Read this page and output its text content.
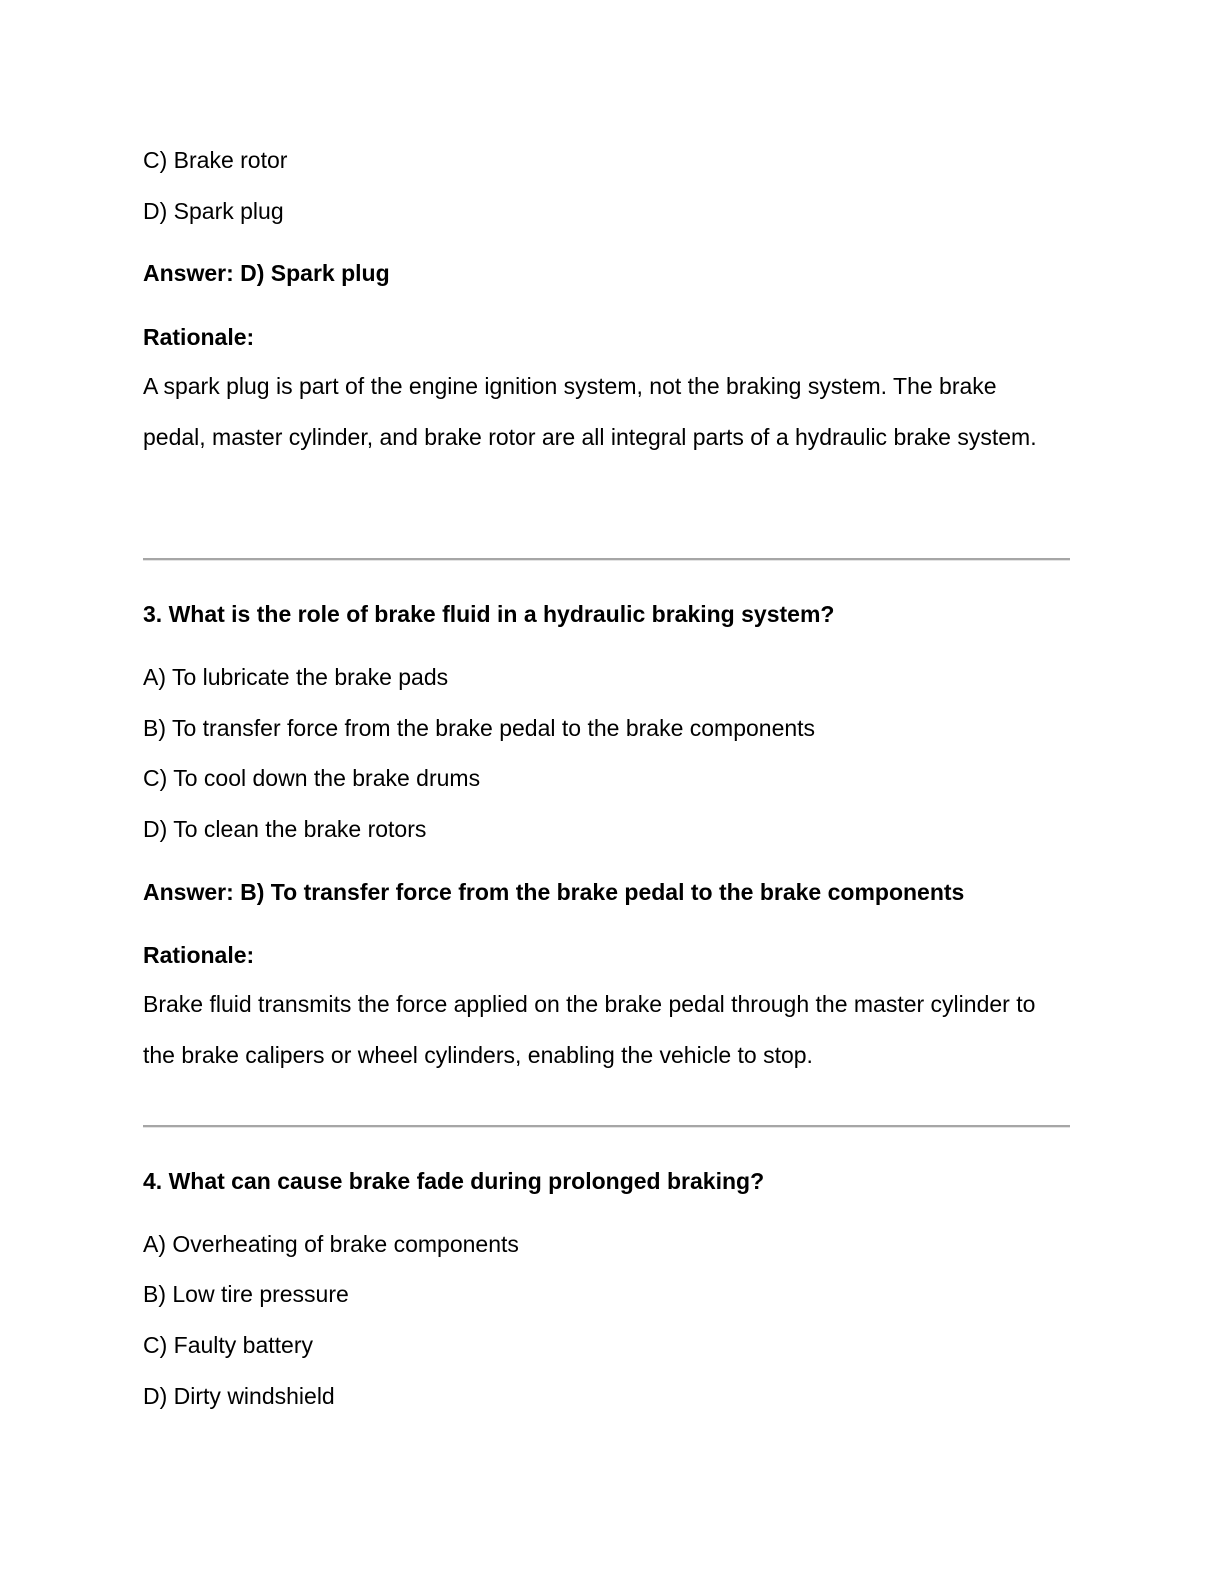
C) Brake rotor
D) Spark plug
Answer: D) Spark plug
Rationale:
A spark plug is part of the engine ignition system, not the braking system. The brake pedal, master cylinder, and brake rotor are all integral parts of a hydraulic brake system.
3. What is the role of brake fluid in a hydraulic braking system?
A) To lubricate the brake pads
B) To transfer force from the brake pedal to the brake components
C) To cool down the brake drums
D) To clean the brake rotors
Answer: B) To transfer force from the brake pedal to the brake components
Rationale:
Brake fluid transmits the force applied on the brake pedal through the master cylinder to the brake calipers or wheel cylinders, enabling the vehicle to stop.
4. What can cause brake fade during prolonged braking?
A) Overheating of brake components
B) Low tire pressure
C) Faulty battery
D) Dirty windshield
